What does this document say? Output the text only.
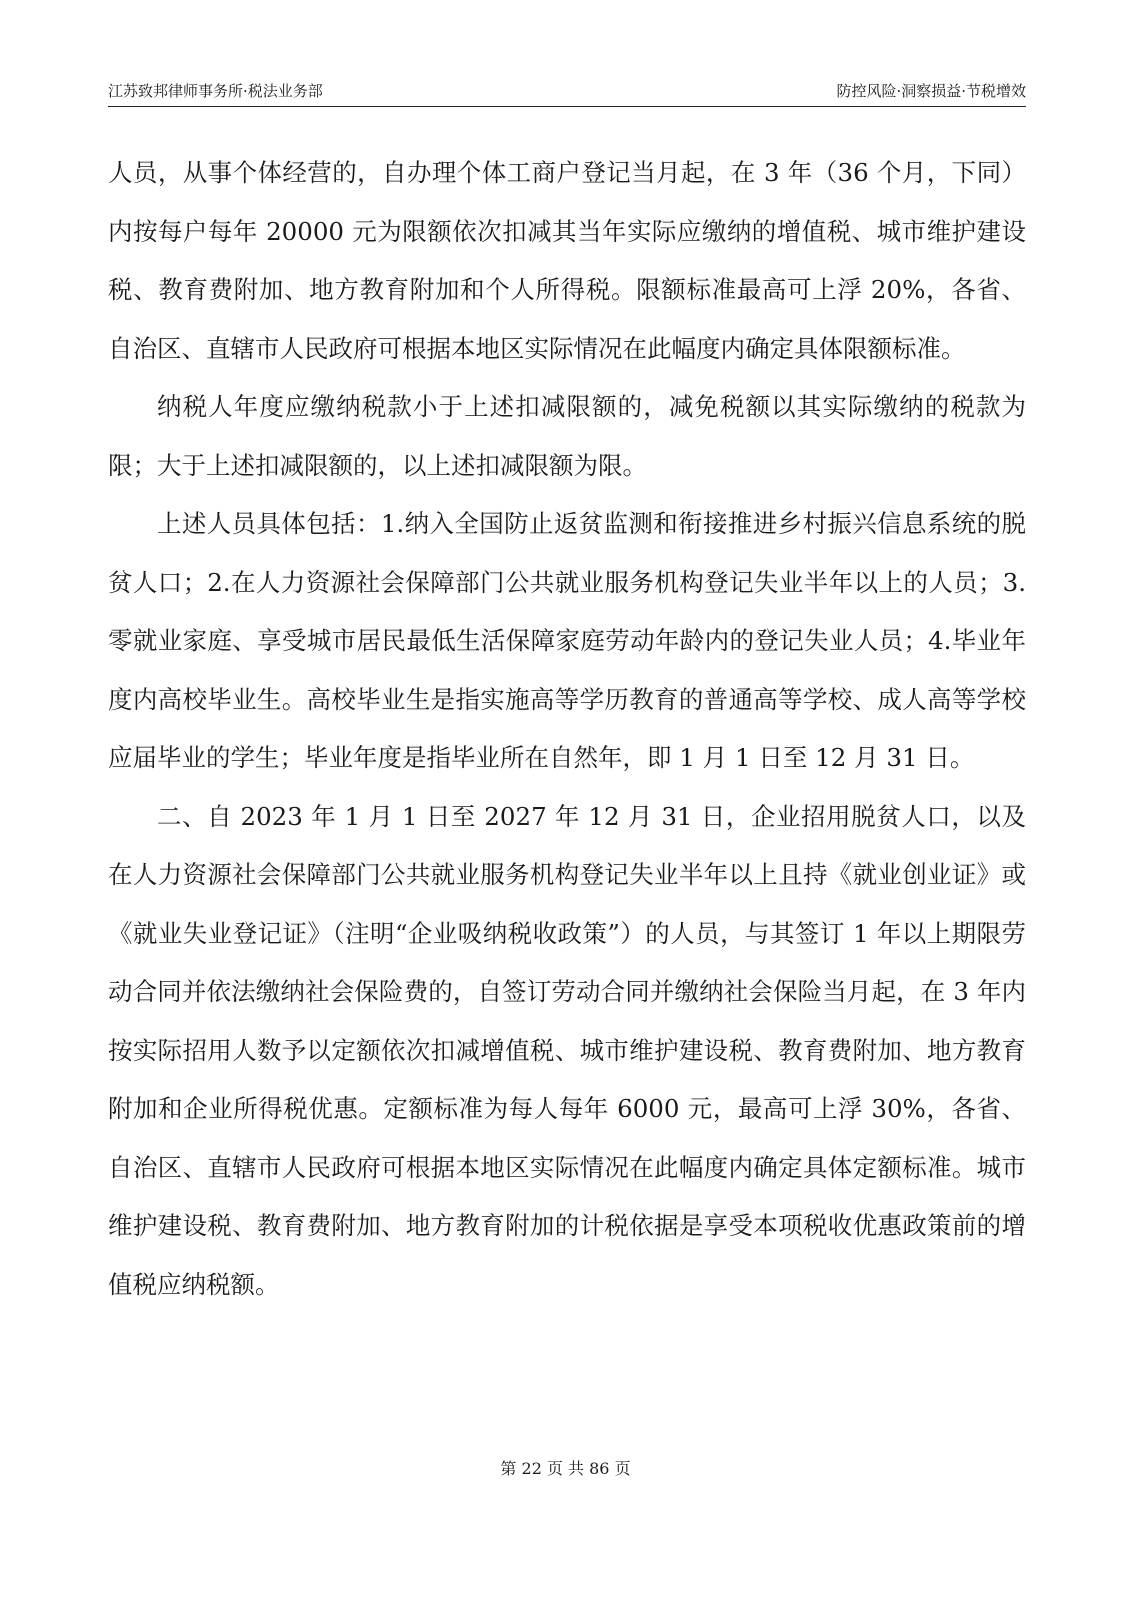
江苏致邦律师事务所·税法业务部	防控风险·洞察损益·节税增效

人员，从事个体经营的，自办理个体工商户登记当月起，在 3 年（36 个月，下同）内按每户每年 20000 元为限额依次扣减其当年实际应缴纳的增值税、城市维护建设税、教育费附加、地方教育附加和个人所得税。限额标准最高可上浮 20%，各省、自治区、直辖市人民政府可根据本地区实际情况在此幅度内确定具体限额标准。

纳税人年度应缴纳税款小于上述扣减限额的，减免税额以其实际缴纳的税款为限；大于上述扣减限额的，以上述扣减限额为限。

上述人员具体包括：1.纳入全国防止返贫监测和衔接推进乡村振兴信息系统的脱贫人口；2.在人力资源社会保障部门公共就业服务机构登记失业半年以上的人员；3.零就业家庭、享受城市居民最低生活保障家庭劳动年龄内的登记失业人员；4.毕业年度内高校毕业生。高校毕业生是指实施高等学历教育的普通高等学校、成人高等学校应届毕业的学生；毕业年度是指毕业所在自然年，即 1 月 1 日至 12 月 31 日。

二、自 2023 年 1 月 1 日至 2027 年 12 月 31 日，企业招用脱贫人口，以及在人力资源社会保障部门公共就业服务机构登记失业半年以上且持《就业创业证》或《就业失业登记证》（注明“企业吸纳税收政策”）的人员，与其签订 1 年以上期限劳动合同并依法缴纳社会保险费的，自签订劳动合同并缴纳社会保险当月起，在 3 年内按实际招用人数予以定额依次扣减增值税、城市维护建设税、教育费附加、地方教育附加和企业所得税优惠。定额标准为每人每年 6000 元，最高可上浮 30%，各省、自治区、直辖市人民政府可根据本地区实际情况在此幅度内确定具体定额标准。城市维护建设税、教育费附加、地方教育附加的计税依据是享受本项税收优惠政策前的增值税应纳税额。

第 22 页 共 86 页
